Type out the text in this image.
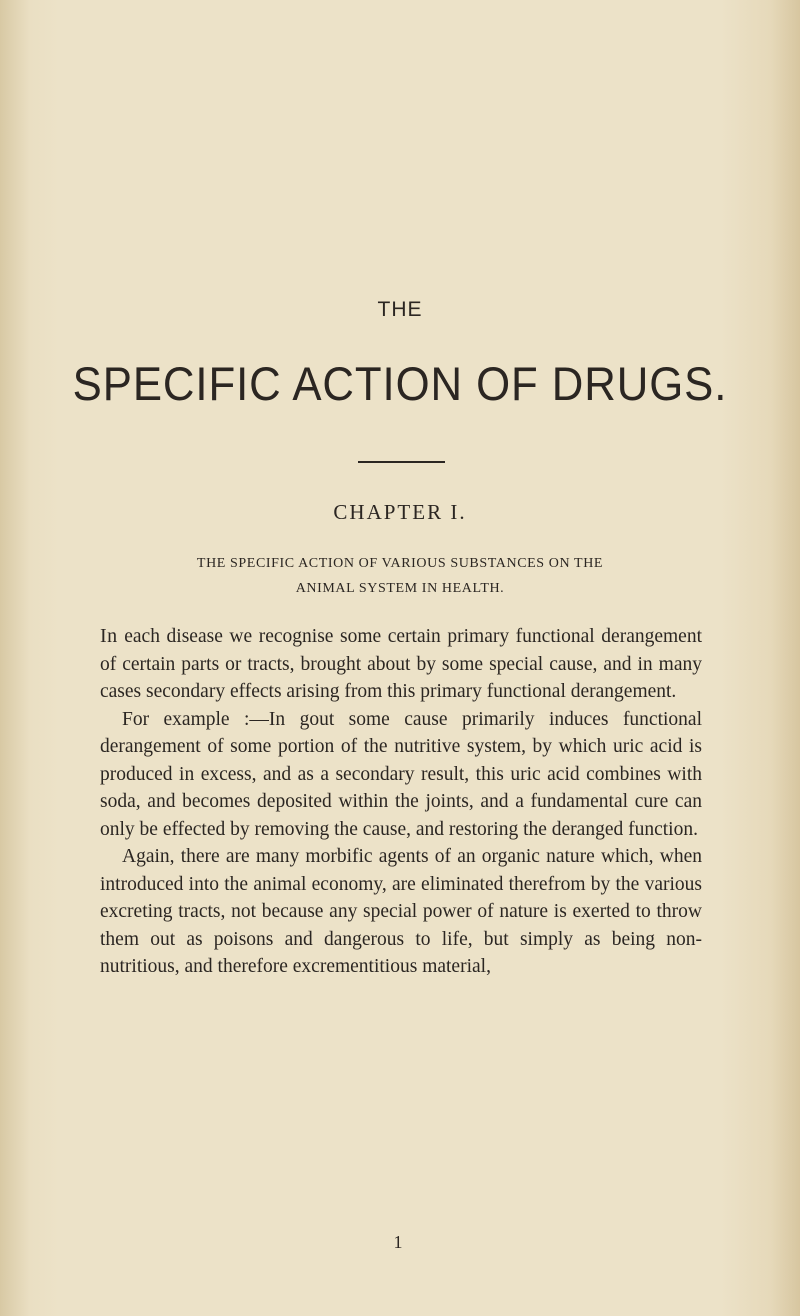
THE
SPECIFIC ACTION OF DRUGS.
CHAPTER I.
THE SPECIFIC ACTION OF VARIOUS SUBSTANCES ON THE
ANIMAL SYSTEM IN HEALTH.

In each disease we recognise some certain primary functional derangement of certain parts or tracts, brought about by some special cause, and in many cases secondary effects arising from this primary functional derangement.

For example :—In gout some cause primarily induces functional derangement of some portion of the nutritive system, by which uric acid is produced in excess, and as a secondary result, this uric acid combines with soda, and becomes deposited within the joints, and a fundamental cure can only be effected by removing the cause, and restoring the deranged function.

Again, there are many morbific agents of an organic nature which, when introduced into the animal economy, are eliminated therefrom by the various excreting tracts, not because any special power of nature is exerted to throw them out as poisons and dangerous to life, but simply as being non-nutritious, and therefore excrementitious material,

1
